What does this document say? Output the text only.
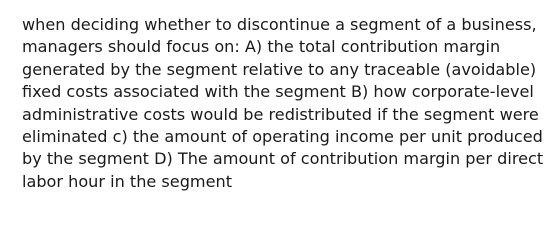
when deciding whether to discontinue a segment of a business,
managers should focus on: A) the total contribution margin
generated by the segment relative to any traceable (avoidable)
fixed costs associated with the segment B) how corporate-level
administrative costs would be redistributed if the segment were
eliminated c) the amount of operating income per unit produced
by the segment D) The amount of contribution margin per direct
labor hour in the segment
